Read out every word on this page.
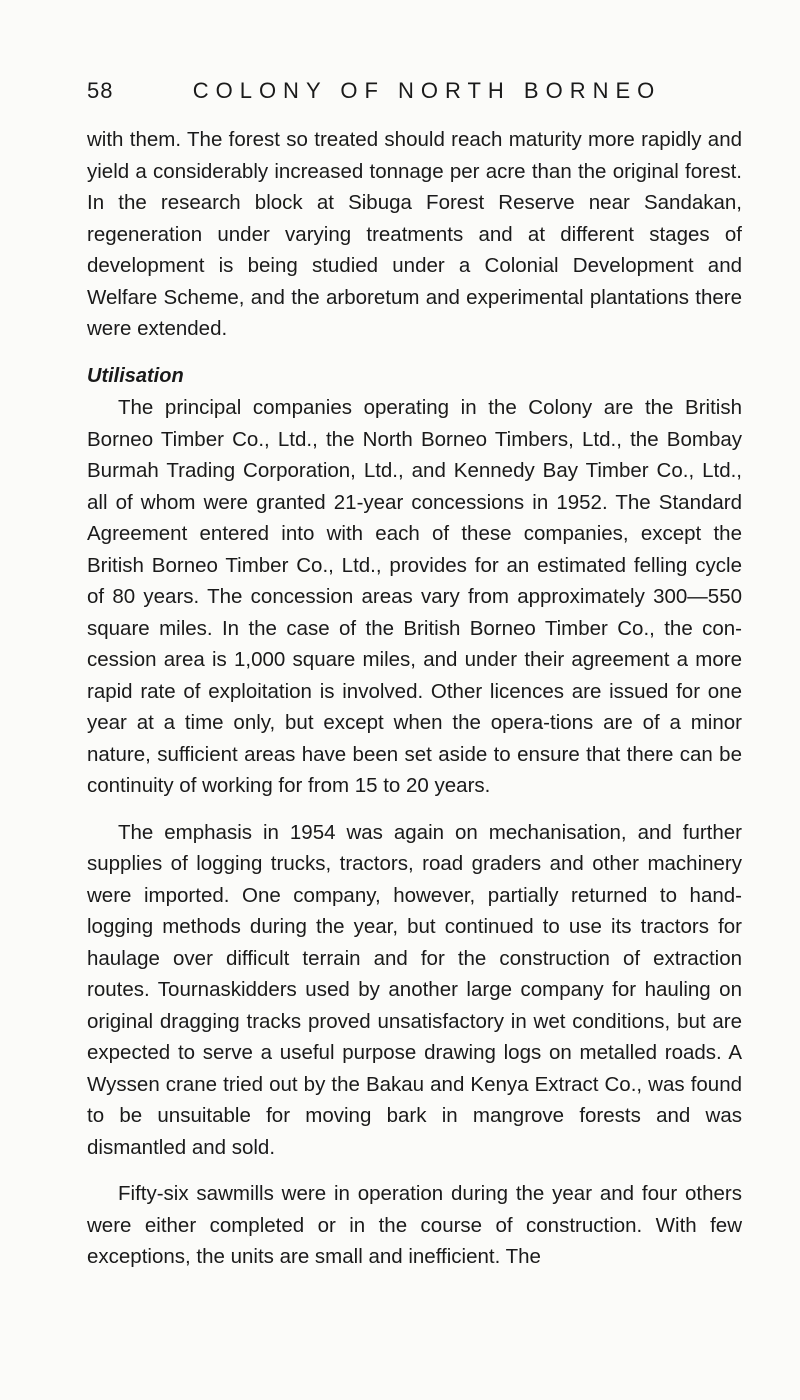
58	COLONY OF NORTH BORNEO

with them. The forest so treated should reach maturity more rapidly and yield a considerably increased tonnage per acre than the original forest. In the research block at Sibuga Forest Reserve near Sandakan, regeneration under varying treatments and at different stages of development is being studied under a Colonial Development and Welfare Scheme, and the arboretum and experimental plantations there were extended.

Utilisation

The principal companies operating in the Colony are the British Borneo Timber Co., Ltd., the North Borneo Timbers, Ltd., the Bombay Burmah Trading Corporation, Ltd., and Kennedy Bay Timber Co., Ltd., all of whom were granted 21-year concessions in 1952. The Standard Agreement entered into with each of these companies, except the British Borneo Timber Co., Ltd., provides for an estimated felling cycle of 80 years. The concession areas vary from approximately 300—550 square miles. In the case of the British Borneo Timber Co., the con-cession area is 1,000 square miles, and under their agreement a more rapid rate of exploitation is involved. Other licences are issued for one year at a time only, but except when the opera-tions are of a minor nature, sufficient areas have been set aside to ensure that there can be continuity of working for from 15 to 20 years.

The emphasis in 1954 was again on mechanisation, and further supplies of logging trucks, tractors, road graders and other machinery were imported. One company, however, partially returned to hand-logging methods during the year, but continued to use its tractors for haulage over difficult terrain and for the construction of extraction routes. Tournaskidders used by another large company for hauling on original dragging tracks proved unsatisfactory in wet conditions, but are expected to serve a useful purpose drawing logs on metalled roads. A Wyssen crane tried out by the Bakau and Kenya Extract Co., was found to be unsuitable for moving bark in mangrove forests and was dismantled and sold.

Fifty-six sawmills were in operation during the year and four others were either completed or in the course of construction. With few exceptions, the units are small and inefficient. The
